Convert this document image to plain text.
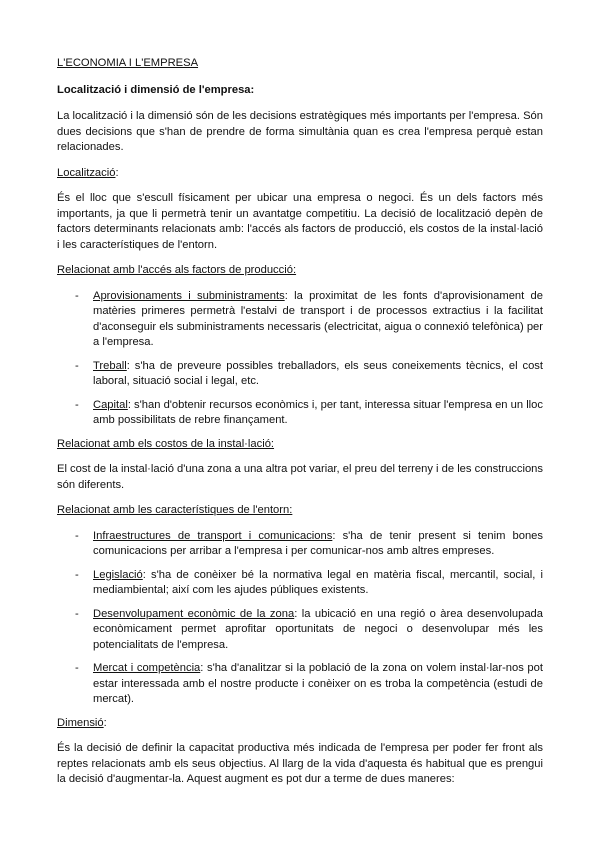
L'ECONOMIA I L'EMPRESA

Localització i dimensió de l'empresa:

La localització i la dimensió són de les decisions estratègiques més importants per l'empresa. Són dues decisions que s'han de prendre de forma simultània quan es crea l'empresa perquè estan relacionades.

Localització:

És el lloc que s'escull físicament per ubicar una empresa o negoci. És un dels factors més importants, ja que li permetrà tenir un avantatge competitiu. La decisió de localització depèn de factors determinants relacionats amb: l'accés als factors de producció, els costos de la instal·lació i les característiques de l'entorn.

Relacionat amb l'accés als factors de producció:

- Aprovisionaments i subministraments: la proximitat de les fonts d'aprovisionament de matèries primeres permetrà l'estalvi de transport i de processos extractius i la facilitat d'aconseguir els subministraments necessaris (electricitat, aigua o connexió telefònica) per a l'empresa.
- Treball: s'ha de preveure possibles treballadors, els seus coneixements tècnics, el cost laboral, situació social i legal, etc.
- Capital: s'han d'obtenir recursos econòmics i, per tant, interessa situar l'empresa en un lloc amb possibilitats de rebre finançament.

Relacionat amb els costos de la instal·lació:

El cost de la instal·lació d'una zona a una altra pot variar, el preu del terreny i de les construccions són diferents.

Relacionat amb les característiques de l'entorn:

- Infraestructures de transport i comunicacions: s'ha de tenir present si tenim bones comunicacions per arribar a l'empresa i per comunicar-nos amb altres empreses.
- Legislació: s'ha de conèixer bé la normativa legal en matèria fiscal, mercantil, social, i mediambiental; així com les ajudes públiques existents.
- Desenvolupament econòmic de la zona: la ubicació en una regió o àrea desenvolupada econòmicament permet aprofitar oportunitats de negoci o desenvolupar més les potencialitats de l'empresa.
- Mercat i competència: s'ha d'analitzar si la població de la zona on volem instal·lar-nos pot estar interessada amb el nostre producte i conèixer on es troba la competència (estudi de mercat).

Dimensió:

És la decisió de definir la capacitat productiva més indicada de l'empresa per poder fer front als reptes relacionats amb els seus objectius. Al llarg de la vida d'aquesta és habitual que es prengui la decisió d'augmentar-la. Aquest augment es pot dur a terme de dues maneres:
